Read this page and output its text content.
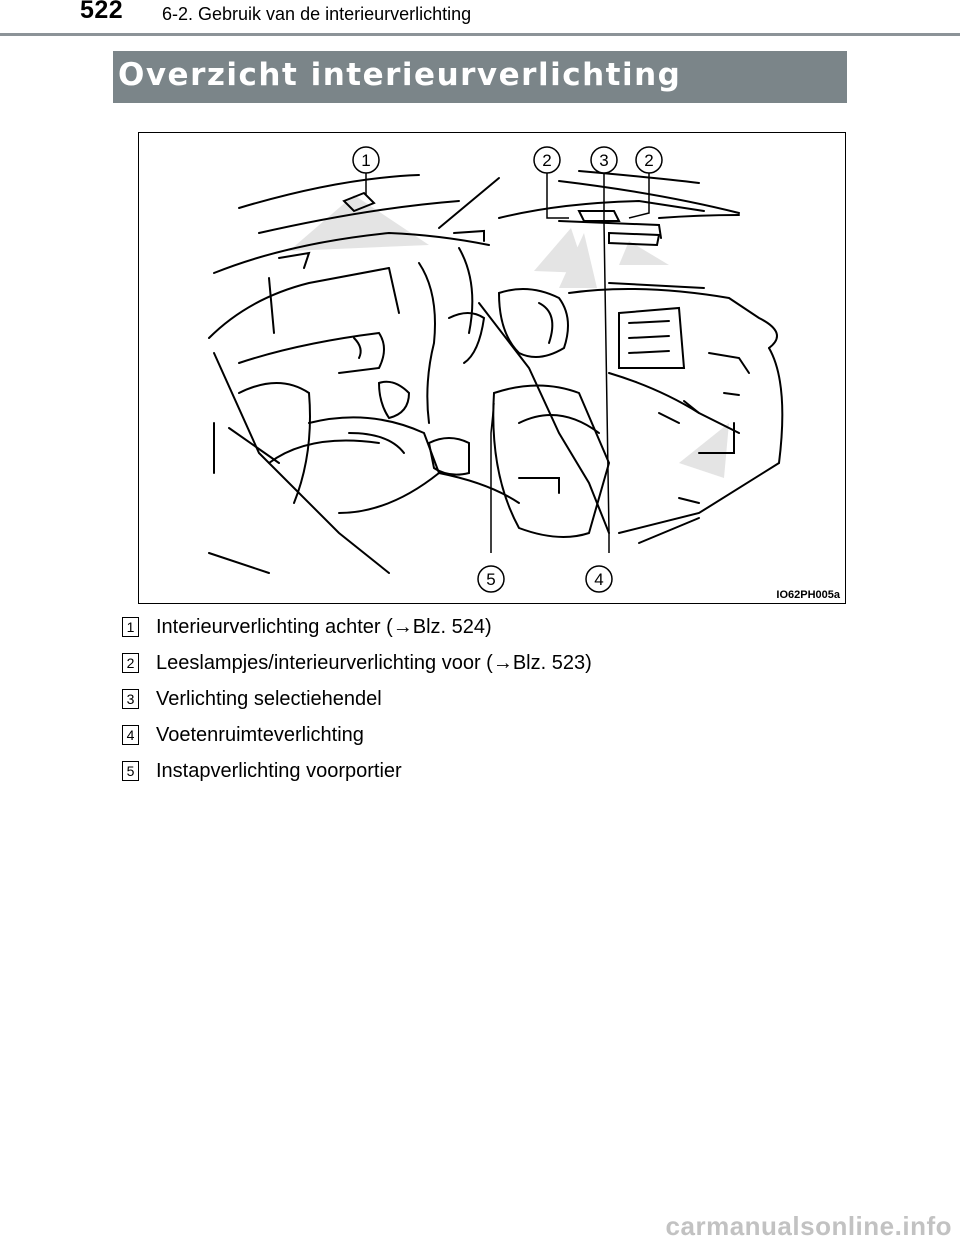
522 6-2. Gebruik van de interieurverlichting
Overzicht interieurverlichting
1	2	3 2
5	4
IO62PH005a
1 Interieurverlichting achter (→Blz. 524)
2 Leeslampjes/interieurverlichting voor (→Blz. 523)
3 Verlichting selectiehendel
4 Voetenruimteverlichting
5 Instapverlichting voorportier
carmanualsonline.info
